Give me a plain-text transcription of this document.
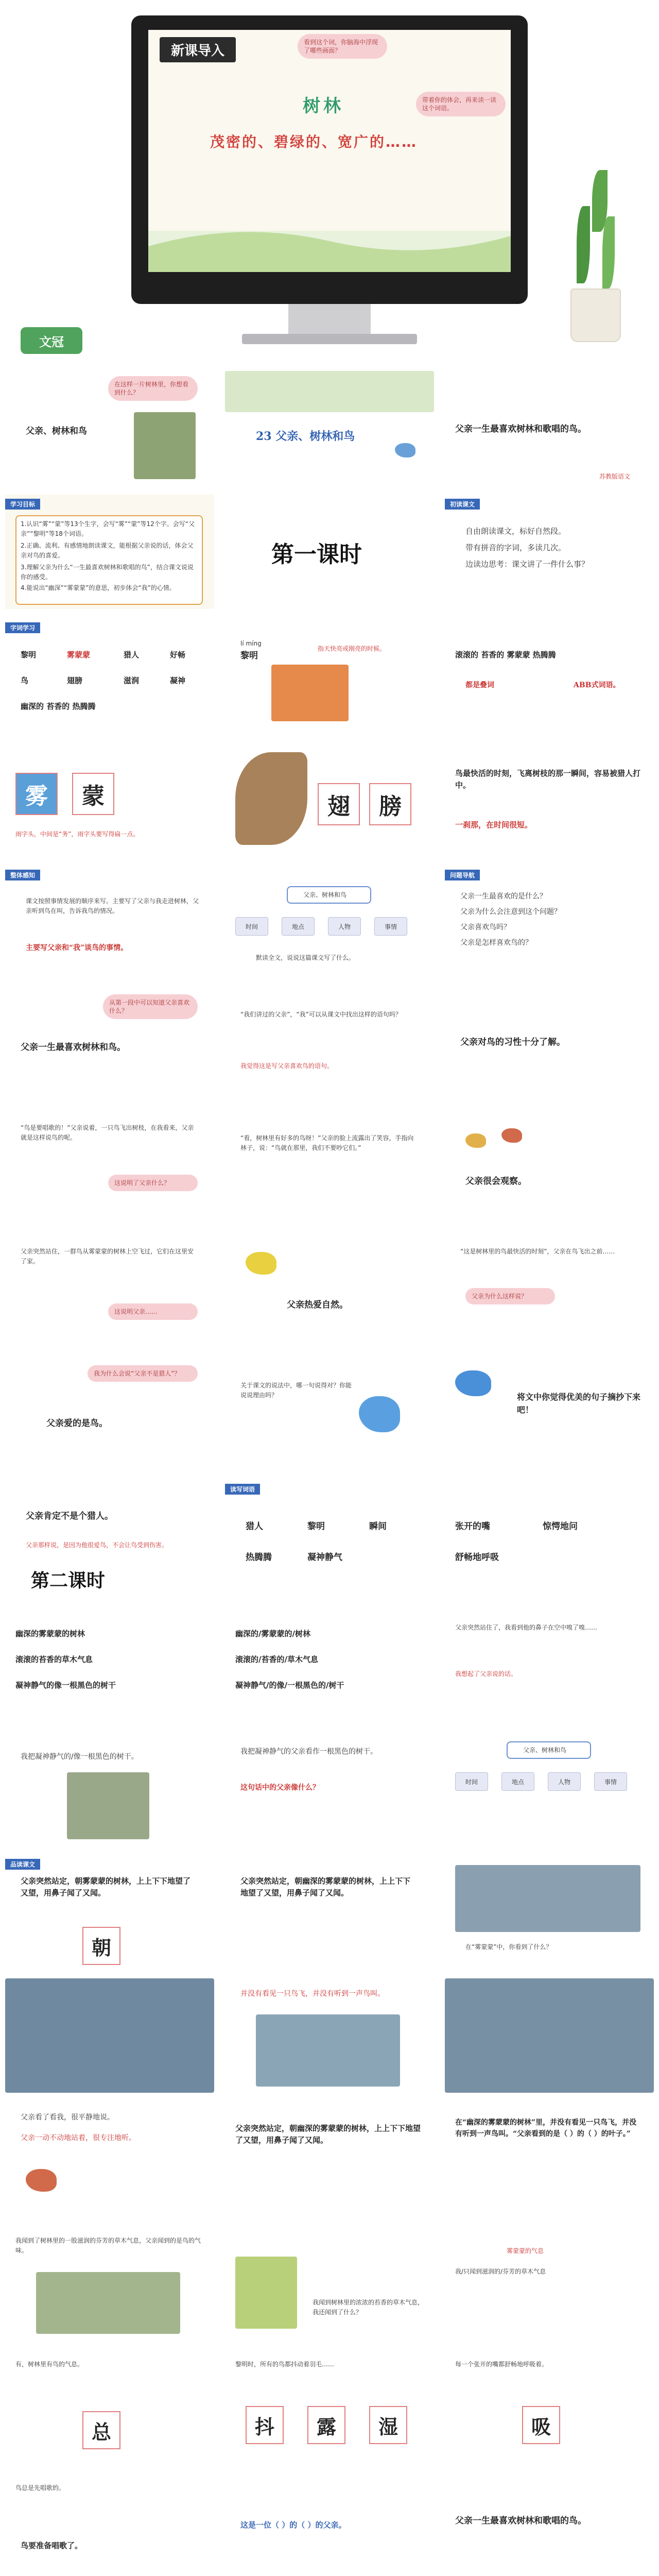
新课导入
看到这个词，你脑海中浮现了哪些画面？
树林	带着你的体会，再来读一读这个词语。
茂密的、碧绿的、宽广的……
文冠
父亲、树林和鸟
在这样一片树林里，你想看到什么？
23 父亲、树林和鸟
父亲一生最喜欢树林和歌唱的鸟。
苏教版语文
学习目标
1.认识“雾”“蒙”等13个生字，会写“雾”“蒙”等12个字。会写“父亲”“黎明”等18个词语。
2.正确、流利、有感情地朗读课文，能根据父亲说的话，体会父亲对鸟的喜爱。
3.理解父亲为什么“一生最喜欢树林和歌唱的鸟”，结合课文说说你的感受。
4.能说出“幽深”“雾蒙蒙”的意思，初步体会“我”的心情。
第一课时
初读课文
自由朗读课文，标好自然段。
带有拼音的字词，多读几次。
边读边思考：课文讲了一件什么事？
字词学习
黎明	雾蒙蒙	猎人	好畅
鸟	翅膀	滋润	凝神
幽深的 苔香的 热腾腾
lí míng
黎明
指天快亮或刚亮的时候。
滚滚的 苔香的 雾蒙蒙 热腾腾
都是叠词	ABB式词语。
雾	蒙
雨字头，中间是“务”，雨字头要写得扁一点。
翅	膀
鸟最快活的时刻，飞离树枝的那一瞬间，容易被猎人打中。
一刹那，在时间很短。
整体感知
课文按照事情发展的顺序来写。主要写了父亲与我走进树林，父亲听到鸟在叫，告诉我鸟的情况。
主要写父亲和“我”谈鸟的事情。
父亲、树林和鸟
时间	地点	人物	事情
默读全文，说说这篇课文写了什么。
问题导航
父亲一生最喜欢的是什么？
父亲为什么会注意到这个问题？
父亲喜欢鸟吗？
父亲是怎样喜欢鸟的？
从第一段中可以知道父亲喜欢什么？
父亲一生最喜欢树林和鸟。
“我们讲过的父亲”，“我”可以从课文中找出这样的语句吗？
我觉得这是写父亲喜欢鸟的语句。
父亲对鸟的习性十分了解。
“鸟是要唱歌的！”父亲说着，一只鸟飞出树枝，在我看来，父亲就是这样说鸟的呢。
这说明了父亲什么？
“看，树林里有好多的鸟呀！”父亲的脸上流露出了笑容，手指向林子，说：“鸟就在那里，我们不要吵它们。”
父亲很会观察。
父亲突然站住，一群鸟从雾蒙蒙的树林上空飞过，它们在这里安了家。
这说明父亲……
父亲热爱自然。
“这是树林里的鸟最快活的时刻”，父亲在鸟飞出之前……
父亲为什么这样说？
我为什么会说“父亲不是猎人”？
父亲爱的是鸟。
关于课文的说法中，哪一句说得对？你能说说理由吗？	将文中你觉得优美的句子摘抄下来吧！
父亲肯定不是个猎人。
父亲那样说，是因为他很爱鸟，不会让鸟受到伤害。
读写词语
猎人	黎明	瞬间
热腾腾	凝神静气
张开的嘴	惊愕地问
舒畅地呼吸
第二课时
幽深的雾蒙蒙的树林
滚滚的苔香的草木气息
凝神静气的像一根黑色的树干
幽深的/雾蒙蒙的/树林
滚滚的/苔香的/草木气息
凝神静气/的像/一根黑色的/树干
父亲突然站住了，我看到他的鼻子在空中嗅了嗅……
我想起了父亲说的话。
我把凝神静气的/像一根黑色的树干。
我把凝神静气的父亲看作一根黑色的树干。
这句话中的父亲像什么？
父亲、树林和鸟
时间	地点	人物	事情
品读课文
父亲突然站定，朝雾蒙蒙的树林，上上下下地望了又望，用鼻子闻了又闻。
朝
父亲突然站定，朝幽深的雾蒙蒙的树林，上上下下地望了又望，用鼻子闻了又闻。
在“雾蒙蒙”中，你看到了什么？
并没有看见一只鸟飞，并没有听到一声鸟叫。
父亲看了看我，很平静地说。
父亲一动不动地站着，很专注地听。
父亲突然站定，朝幽深的雾蒙蒙的树林，上上下下地望了又望，用鼻子闻了又闻。
在“幽深的雾蒙蒙的树林”里，并没有看见一只鸟飞，并没有听到一声鸟叫。“父亲看到的是（ ）的（ ）的叶子。”
我闻到了树林里的一股滋润的芬芳的草木气息，父亲闻到的是鸟的气味。
我闻到树林里的浓浓的苔香的草木气息，我还闻到了什么？
雾蒙蒙的气息
我/只闻到滋润的/芬芳的草木气息
有，树林里有鸟的气息。
总
黎明时，所有的鸟都抖动着羽毛……
抖	露	湿
每一个张开的嘴都舒畅地呼吸着。
吸
鸟总是先唱歌的。
鸟要准备唱歌了。
这是一位（ ）的（ ）的父亲。	父亲一生最喜欢树林和歌唱的鸟。
